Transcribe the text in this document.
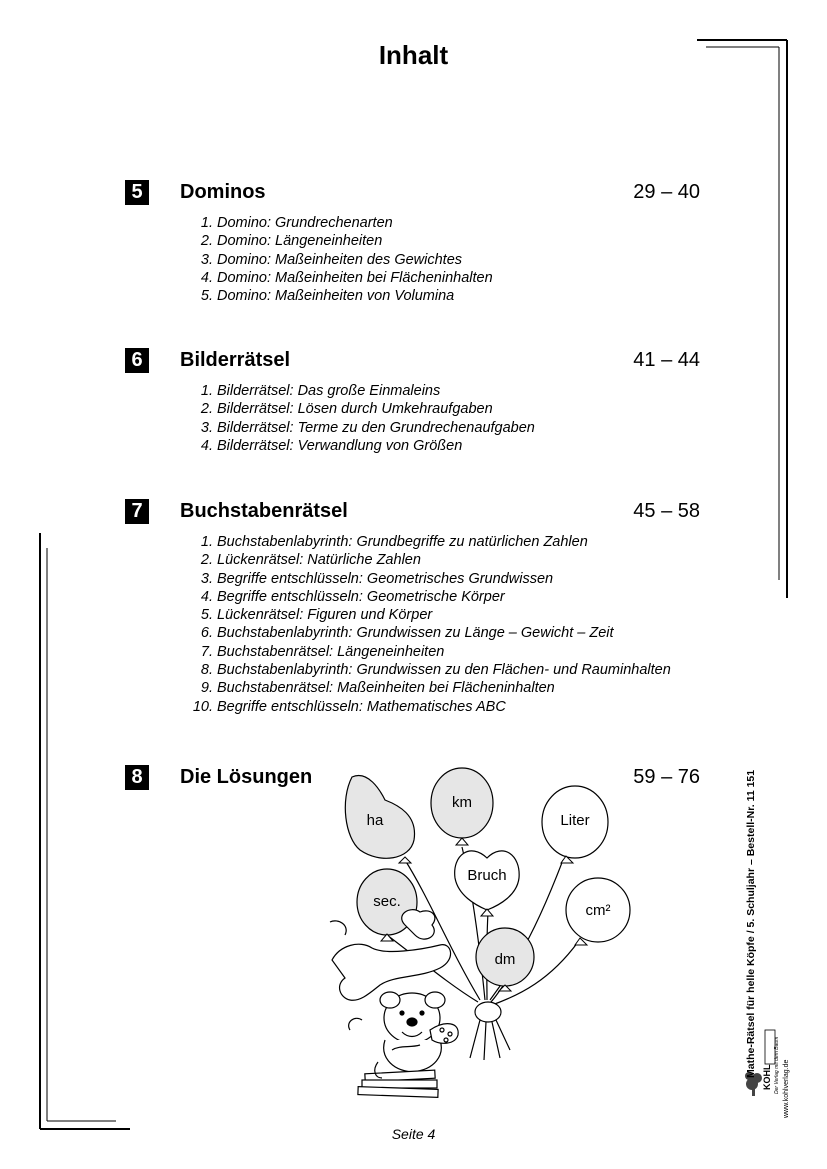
Inhalt
5	Dominos	29 – 40
1. Domino: Grundrechenarten
2. Domino: Längeneinheiten
3. Domino: Maßeinheiten des Gewichtes
4. Domino: Maßeinheiten bei Flächeninhalten
5. Domino: Maßeinheiten von Volumina
6	Bilderrätsel	41 – 44
1. Bilderrätsel: Das große Einmaleins
2. Bilderrätsel: Lösen durch Umkehraufgaben
3. Bilderrätsel: Terme zu den Grundrechenaufgaben
4. Bilderrätsel: Verwandlung von Größen
7	Buchstabenrätsel	45 – 58
1. Buchstabenlabyrinth: Grundbegriffe zu natürlichen Zahlen
2. Lückenrätsel: Natürliche Zahlen
3. Begriffe entschlüsseln: Geometrisches Grundwissen
4. Begriffe entschlüsseln: Geometrische Körper
5. Lückenrätsel: Figuren und Körper
6. Buchstabenlabyrinth: Grundwissen zu Länge – Gewicht – Zeit
7. Buchstabenrätsel: Längeneinheiten
8. Buchstabenlabyrinth: Grundwissen zu den Flächen- und Rauminhalten
9. Buchstabenrätsel: Maßeinheiten bei Flächeninhalten
10. Begriffe entschlüsseln: Mathematisches ABC
8	Die Lösungen	59 – 76
ha
km
Liter
sec.
Bruch
cm²
dm
KOHL Der Verlag mit dem Baum
Mathe-Rätsel für helle Köpfe / 5. Schuljahr – Bestell-Nr. 11 151
www.kohlverlag.de
Seite 4
